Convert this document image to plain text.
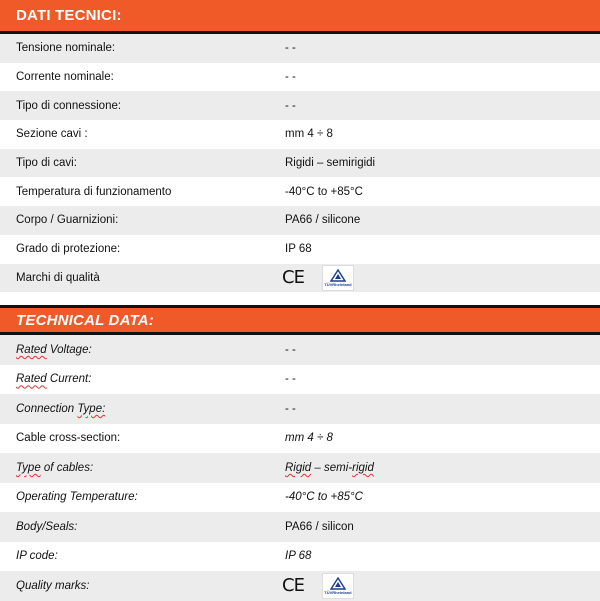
DATI TECNICI:
Tensione nominale:	- -
Corrente nominale:	- -
Tipo di connessione:	- -
Sezione cavi :	mm 4 ÷ 8
Tipo di cavi:	Rigidi – semirigidi
Temperatura di funzionamento	-40°C to +85°C
Corpo / Guarnizioni:	PA66 / silicone
Grado di protezione:	IP 68
Marchi di qualità	CE	TÜVRheinland
TECHNICAL DATA:
Rated Voltage:	- -
Rated Current:	- -
Connection Type:	- -
Cable cross-section:	mm 4 ÷ 8
Type of cables:	Rigid – semi-rigid
Operating Temperature:	-40°C to +85°C
Body/Seals:	PA66 / silicon
IP code:	IP 68
Quality marks:	CE	TÜVRheinland
